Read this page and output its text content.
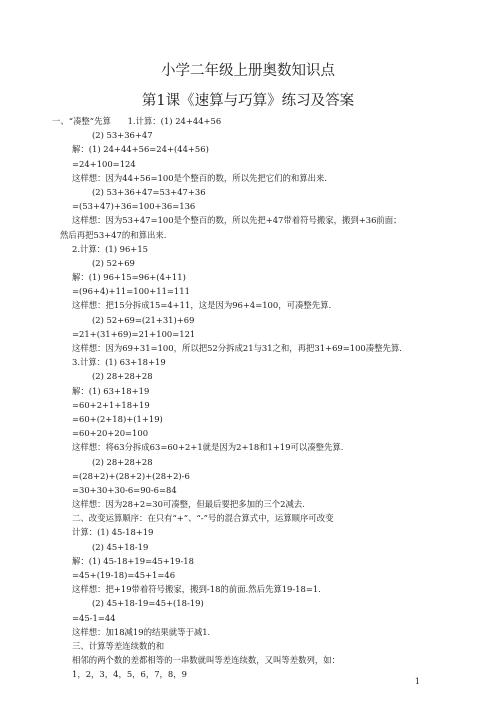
小学二年级上册奥数知识点
第1课《速算与巧算》练习及答案
一、“凑整”先算　　1.计算：(1) 24+44+56
(2) 53+36+47
解：(1) 24+44+56=24+(44+56)
=24+100=124
这样想：因为44+56=100是个整百的数，所以先把它们的和算出来.
(2) 53+36+47=53+47+36
=(53+47)+36=100+36=136
这样想：因为53+47=100是个整百的数，所以先把+47带着符号搬家，搬到+36前面；
然后再把53+47的和算出来.
2.计算：(1) 96+15
(2) 52+69
解：(1) 96+15=96+(4+11)
=(96+4)+11=100+11=111
这样想：把15分拆成15=4+11，这是因为96+4=100，可凑整先算.
(2) 52+69=(21+31)+69
=21+(31+69)=21+100=121
这样想：因为69+31=100，所以把52分拆成21与31之和，再把31+69=100凑整先算.
3.计算：(1) 63+18+19
(2) 28+28+28
解：(1) 63+18+19
=60+2+1+18+19
=60+(2+18)+(1+19)
=60+20+20=100
这样想：将63分拆成63=60+2+1就是因为2+18和1+19可以凑整先算.
(2) 28+28+28
=(28+2)+(28+2)+(28+2)-6
=30+30+30-6=90-6=84
这样想：因为28+2=30可凑整，但最后要把多加的三个2减去.
二、改变运算顺序：在只有“+”、“-”号的混合算式中，运算顺序可改变
计算：(1) 45-18+19
(2) 45+18-19
解：(1) 45-18+19=45+19-18
=45+(19-18)=45+1=46
这样想：把+19带着符号搬家，搬到-18的前面.然后先算19-18=1.
(2) 45+18-19=45+(18-19)
=45-1=44
这样想：加18减19的结果就等于减1.
三、计算等差连续数的和
相邻的两个数的差都相等的一串数就叫等差连续数，又叫等差数列，如：
1，2，3，4，5，6，7，8，9
1
